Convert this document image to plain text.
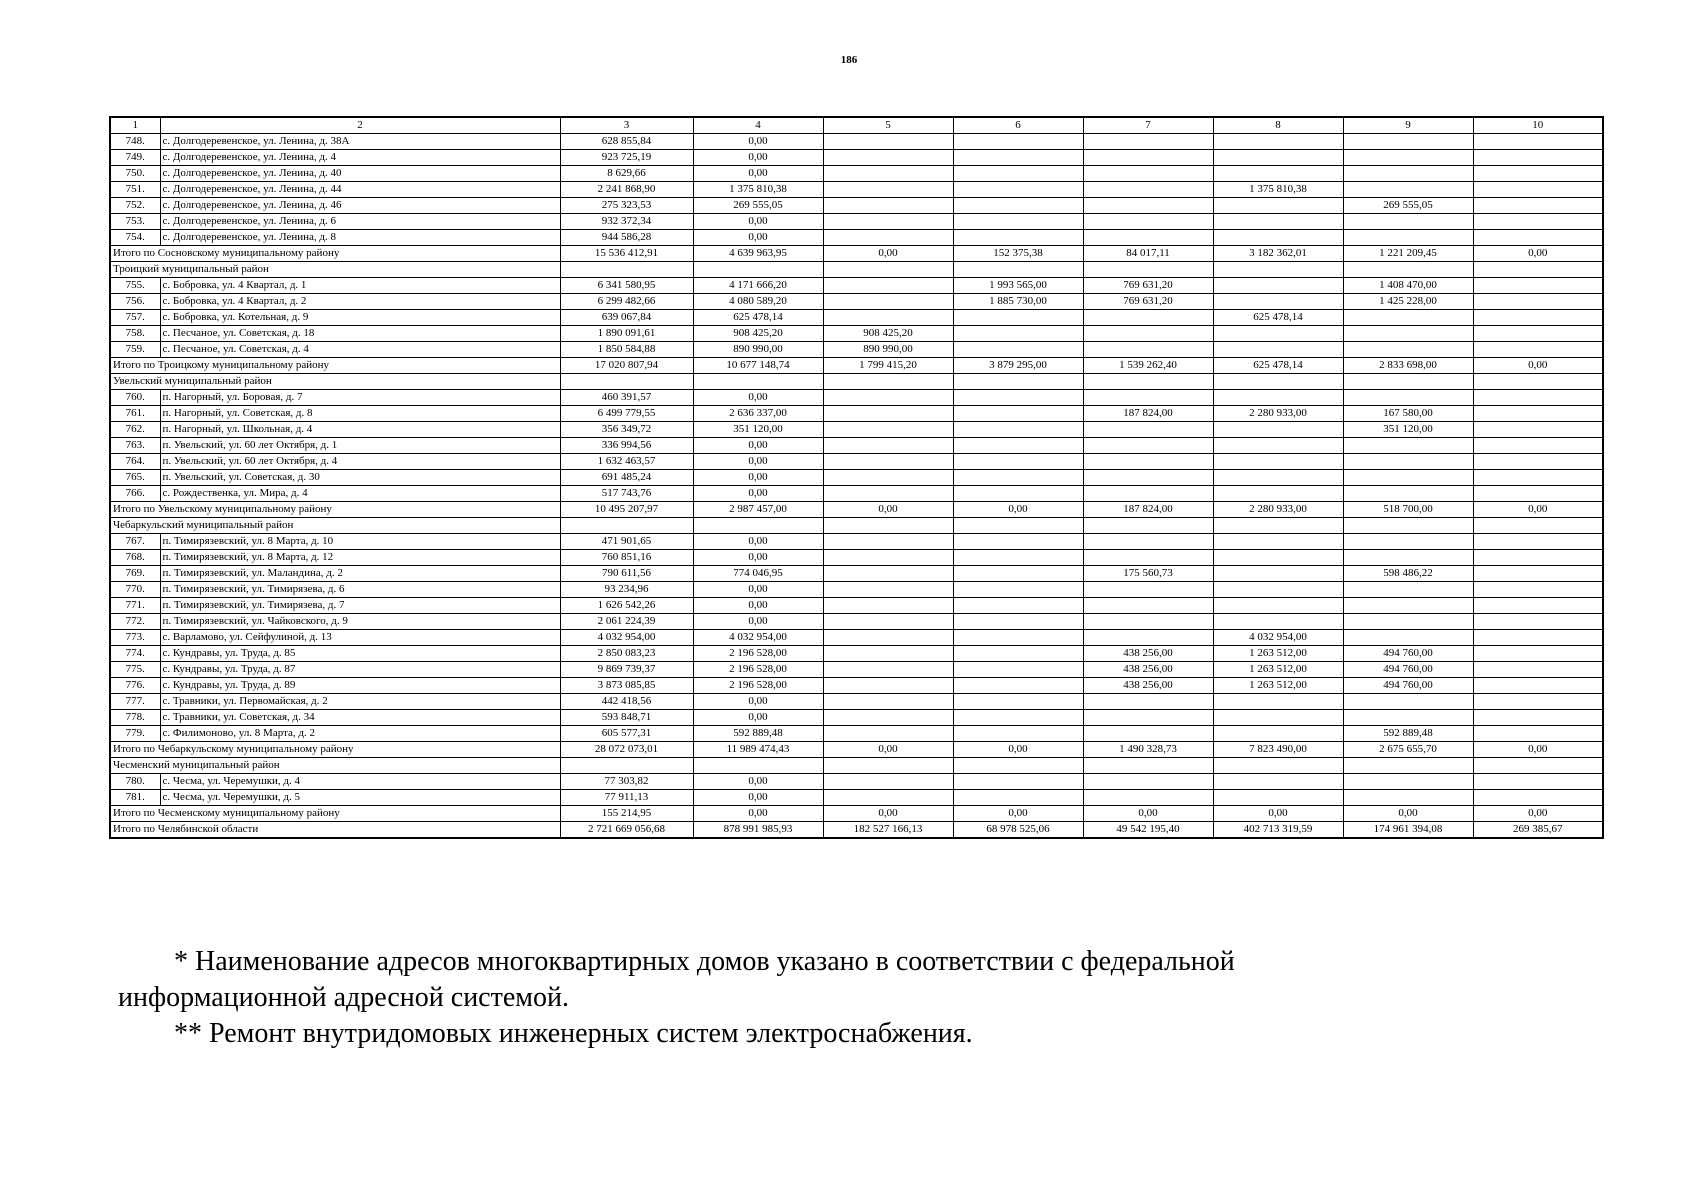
186
1	2	3	4	5	6	7	8	9	10
748.	с. Долгодеревенское, ул. Ленина, д. 38А	628 855,84	0,00						
749.	с. Долгодеревенское, ул. Ленина, д. 4	923 725,19	0,00						
750.	с. Долгодеревенское, ул. Ленина, д. 40	8 629,66	0,00						
751.	с. Долгодеревенское, ул. Ленина, д. 44	2 241 868,90	1 375 810,38				1 375 810,38		
752.	с. Долгодеревенское, ул. Ленина, д. 46	275 323,53	269 555,05					269 555,05	
753.	с. Долгодеревенское, ул. Ленина, д. 6	932 372,34	0,00						
754.	с. Долгодеревенское, ул. Ленина, д. 8	944 586,28	0,00						
Итого по Сосновскому муниципальному району		15 536 412,91	4 639 963,95	0,00	152 375,38	84 017,11	3 182 362,01	1 221 209,45	0,00
Троицкий муниципальный район									
755.	с. Бобровка, ул. 4 Квартал, д. 1	6 341 580,95	4 171 666,20		1 993 565,00	769 631,20		1 408 470,00	
756.	с. Бобровка, ул. 4 Квартал, д. 2	6 299 482,66	4 080 589,20		1 885 730,00	769 631,20		1 425 228,00	
757.	с. Бобровка, ул. Котельная, д. 9	639 067,84	625 478,14				625 478,14		
758.	с. Песчаное, ул. Советская, д. 18	1 890 091,61	908 425,20	908 425,20					
759.	с. Песчаное, ул. Советская, д. 4	1 850 584,88	890 990,00	890 990,00					
Итого по Троицкому муниципальному району		17 020 807,94	10 677 148,74	1 799 415,20	3 879 295,00	1 539 262,40	625 478,14	2 833 698,00	0,00
Увельский муниципальный район									
760.	п. Нагорный, ул. Боровая, д. 7	460 391,57	0,00						
761.	п. Нагорный, ул. Советская, д. 8	6 499 779,55	2 636 337,00			187 824,00	2 280 933,00	167 580,00	
762.	п. Нагорный, ул. Школьная, д. 4	356 349,72	351 120,00					351 120,00	
763.	п. Увельский, ул. 60 лет Октября, д. 1	336 994,56	0,00						
764.	п. Увельский, ул. 60 лет Октября, д. 4	1 632 463,57	0,00						
765.	п. Увельский, ул. Советская, д. 30	691 485,24	0,00						
766.	с. Рождественка, ул. Мира, д. 4	517 743,76	0,00						
Итого по Увельскому муниципальному району		10 495 207,97	2 987 457,00	0,00	0,00	187 824,00	2 280 933,00	518 700,00	0,00
Чебаркульский муниципальный район									
767.	п. Тимирязевский, ул. 8 Марта, д. 10	471 901,65	0,00						
768.	п. Тимирязевский, ул. 8 Марта, д. 12	760 851,16	0,00						
769.	п. Тимирязевский, ул. Маландина, д. 2	790 611,56	774 046,95			175 560,73		598 486,22	
770.	п. Тимирязевский, ул. Тимирязева, д. 6	93 234,96	0,00						
771.	п. Тимирязевский, ул. Тимирязева, д. 7	1 626 542,26	0,00						
772.	п. Тимирязевский, ул. Чайковского, д. 9	2 061 224,39	0,00						
773.	с. Варламово, ул. Сейфулиной, д. 13	4 032 954,00	4 032 954,00				4 032 954,00		
774.	с. Кундравы, ул. Труда, д. 85	2 850 083,23	2 196 528,00			438 256,00	1 263 512,00	494 760,00	
775.	с. Кундравы, ул. Труда, д. 87	9 869 739,37	2 196 528,00			438 256,00	1 263 512,00	494 760,00	
776.	с. Кундравы, ул. Труда, д. 89	3 873 085,85	2 196 528,00			438 256,00	1 263 512,00	494 760,00	
777.	с. Травники, ул. Первомайская, д. 2	442 418,56	0,00						
778.	с. Травники, ул. Советская, д. 34	593 848,71	0,00						
779.	с. Филимоново, ул. 8 Марта, д. 2	605 577,31	592 889,48					592 889,48	
Итого по Чебаркульскому муниципальному району		28 072 073,01	11 989 474,43	0,00	0,00	1 490 328,73	7 823 490,00	2 675 655,70	0,00
Чесменский муниципальный район									
780.	с. Чесма, ул. Черемушки, д. 4	77 303,82	0,00						
781.	с. Чесма, ул. Черемушки, д. 5	77 911,13	0,00						
Итого по Чесменскому муниципальному району		155 214,95	0,00	0,00	0,00	0,00	0,00	0,00	0,00
Итого по Челябинской области		2 721 669 056,68	878 991 985,93	182 527 166,13	68 978 525,06	49 542 195,40	402 713 319,59	174 961 394,08	269 385,67

* Наименование адресов многоквартирных домов указано в соответствии с федеральной

информационной адресной системой.

** Ремонт внутридомовых инженерных систем электроснабжения.
